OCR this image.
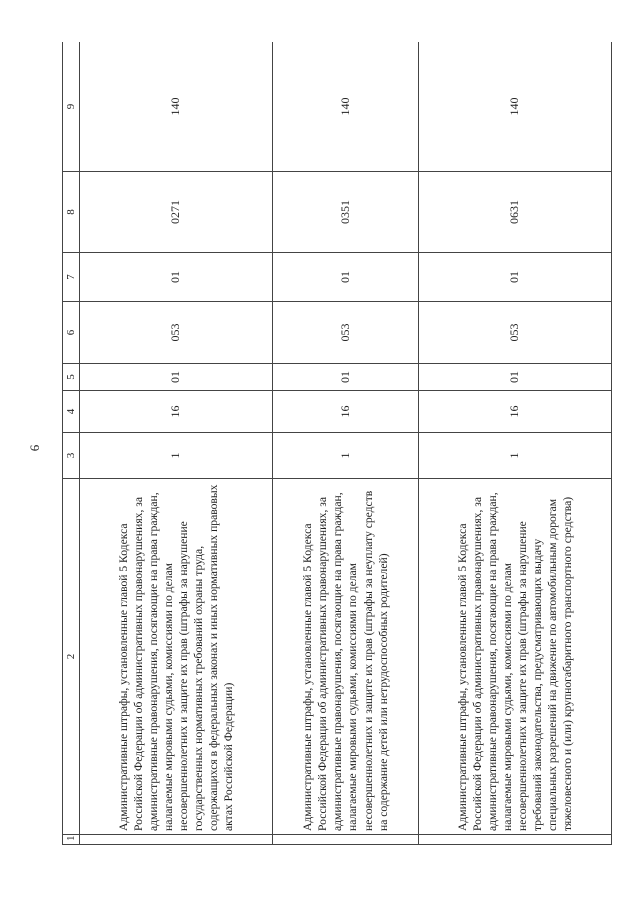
6
1	2	3	4	5	6	7	8	9
	Административные штрафы, установленные главой 5 Кодекса Российской Федерации об административных правонарушениях, за административные правонарушения, посягающие на права граждан, налагаемые мировыми судьями, комиссиями по делам несовершеннолетних и защите их прав (штрафы за нарушение государственных нормативных требований охраны труда, содержащихся в федеральных законах и иных нормативных правовых актах Российской Федерации)	1	16	01	053	01	0271	140
	Административные штрафы, установленные главой 5 Кодекса Российской Федерации об административных правонарушениях, за административные правонарушения, посягающие на права граждан, налагаемые мировыми судьями, комиссиями по делам несовершеннолетних и защите их прав (штрафы за неуплату средств на содержание детей или нетрудоспособных родителей)	1	16	01	053	01	0351	140
	Административные штрафы, установленные главой 5 Кодекса Российской Федерации об административных правонарушениях, за административные правонарушения, посягающие на права граждан, налагаемые мировыми судьями, комиссиями по делам несовершеннолетних и защите их прав (штрафы за нарушение требований законодательства, предусматривающих выдачу специальных разрешений на движение по автомобильным дорогам тяжеловесного и (или) крупногабаритного транспортного средства)	1	16	01	053	01	0631	140
